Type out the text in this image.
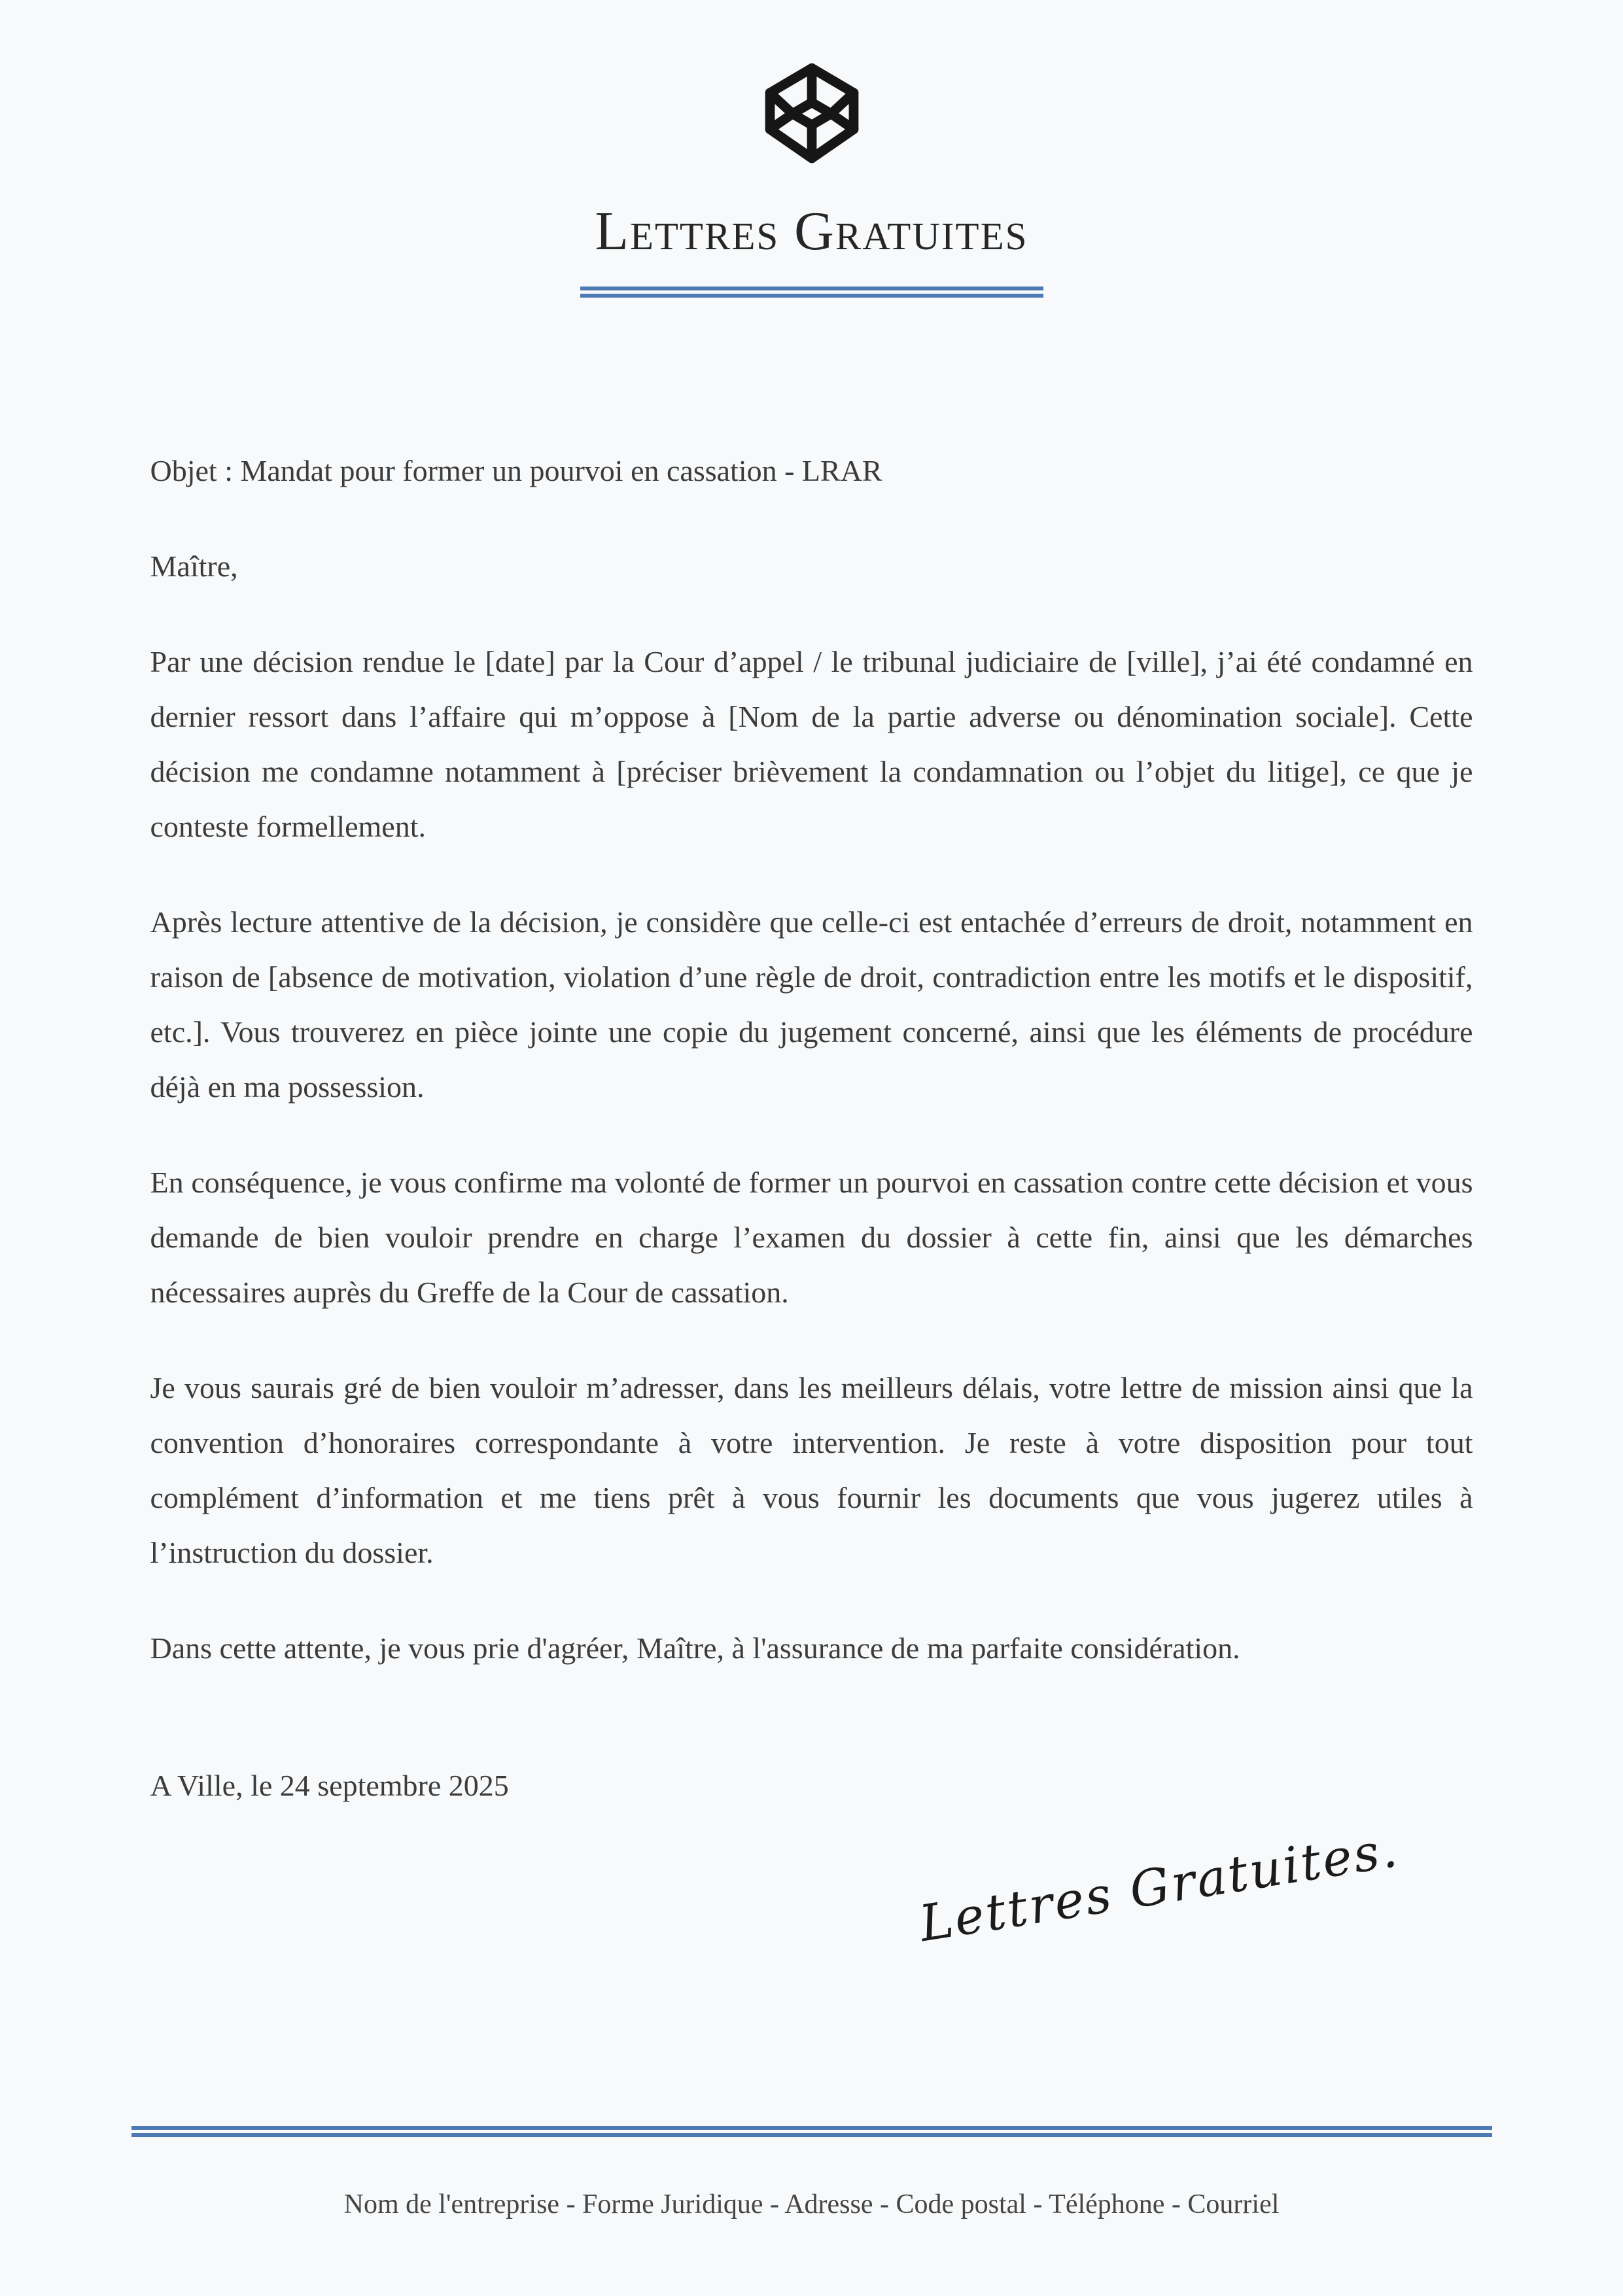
Lettres Gratuites

Objet : Mandat pour former un pourvoi en cassation - LRAR

Maître,

Par une décision rendue le [date] par la Cour d’appel / le tribunal judiciaire de [ville], j’ai été condamné en dernier ressort dans l’affaire qui m’oppose à [Nom de la partie adverse ou dénomination sociale]. Cette décision me condamne notamment à [préciser brièvement la condamnation ou l’objet du litige], ce que je conteste formellement.

Après lecture attentive de la décision, je considère que celle-ci est entachée d’erreurs de droit, notamment en raison de [absence de motivation, violation d’une règle de droit, contradiction entre les motifs et le dispositif, etc.]. Vous trouverez en pièce jointe une copie du jugement concerné, ainsi que les éléments de procédure déjà en ma possession.

En conséquence, je vous confirme ma volonté de former un pourvoi en cassation contre cette décision et vous demande de bien vouloir prendre en charge l’examen du dossier à cette fin, ainsi que les démarches nécessaires auprès du Greffe de la Cour de cassation.

Je vous saurais gré de bien vouloir m’adresser, dans les meilleurs délais, votre lettre de mission ainsi que la convention d’honoraires correspondante à votre intervention. Je reste à votre disposition pour tout complément d’information et me tiens prêt à vous fournir les documents que vous jugerez utiles à l’instruction du dossier.

Dans cette attente, je vous prie d'agréer, Maître, à l'assurance de ma parfaite considération.

A Ville, le 24 septembre 2025

Lettres Gratuites.

Nom de l'entreprise - Forme Juridique - Adresse - Code postal - Téléphone - Courriel
